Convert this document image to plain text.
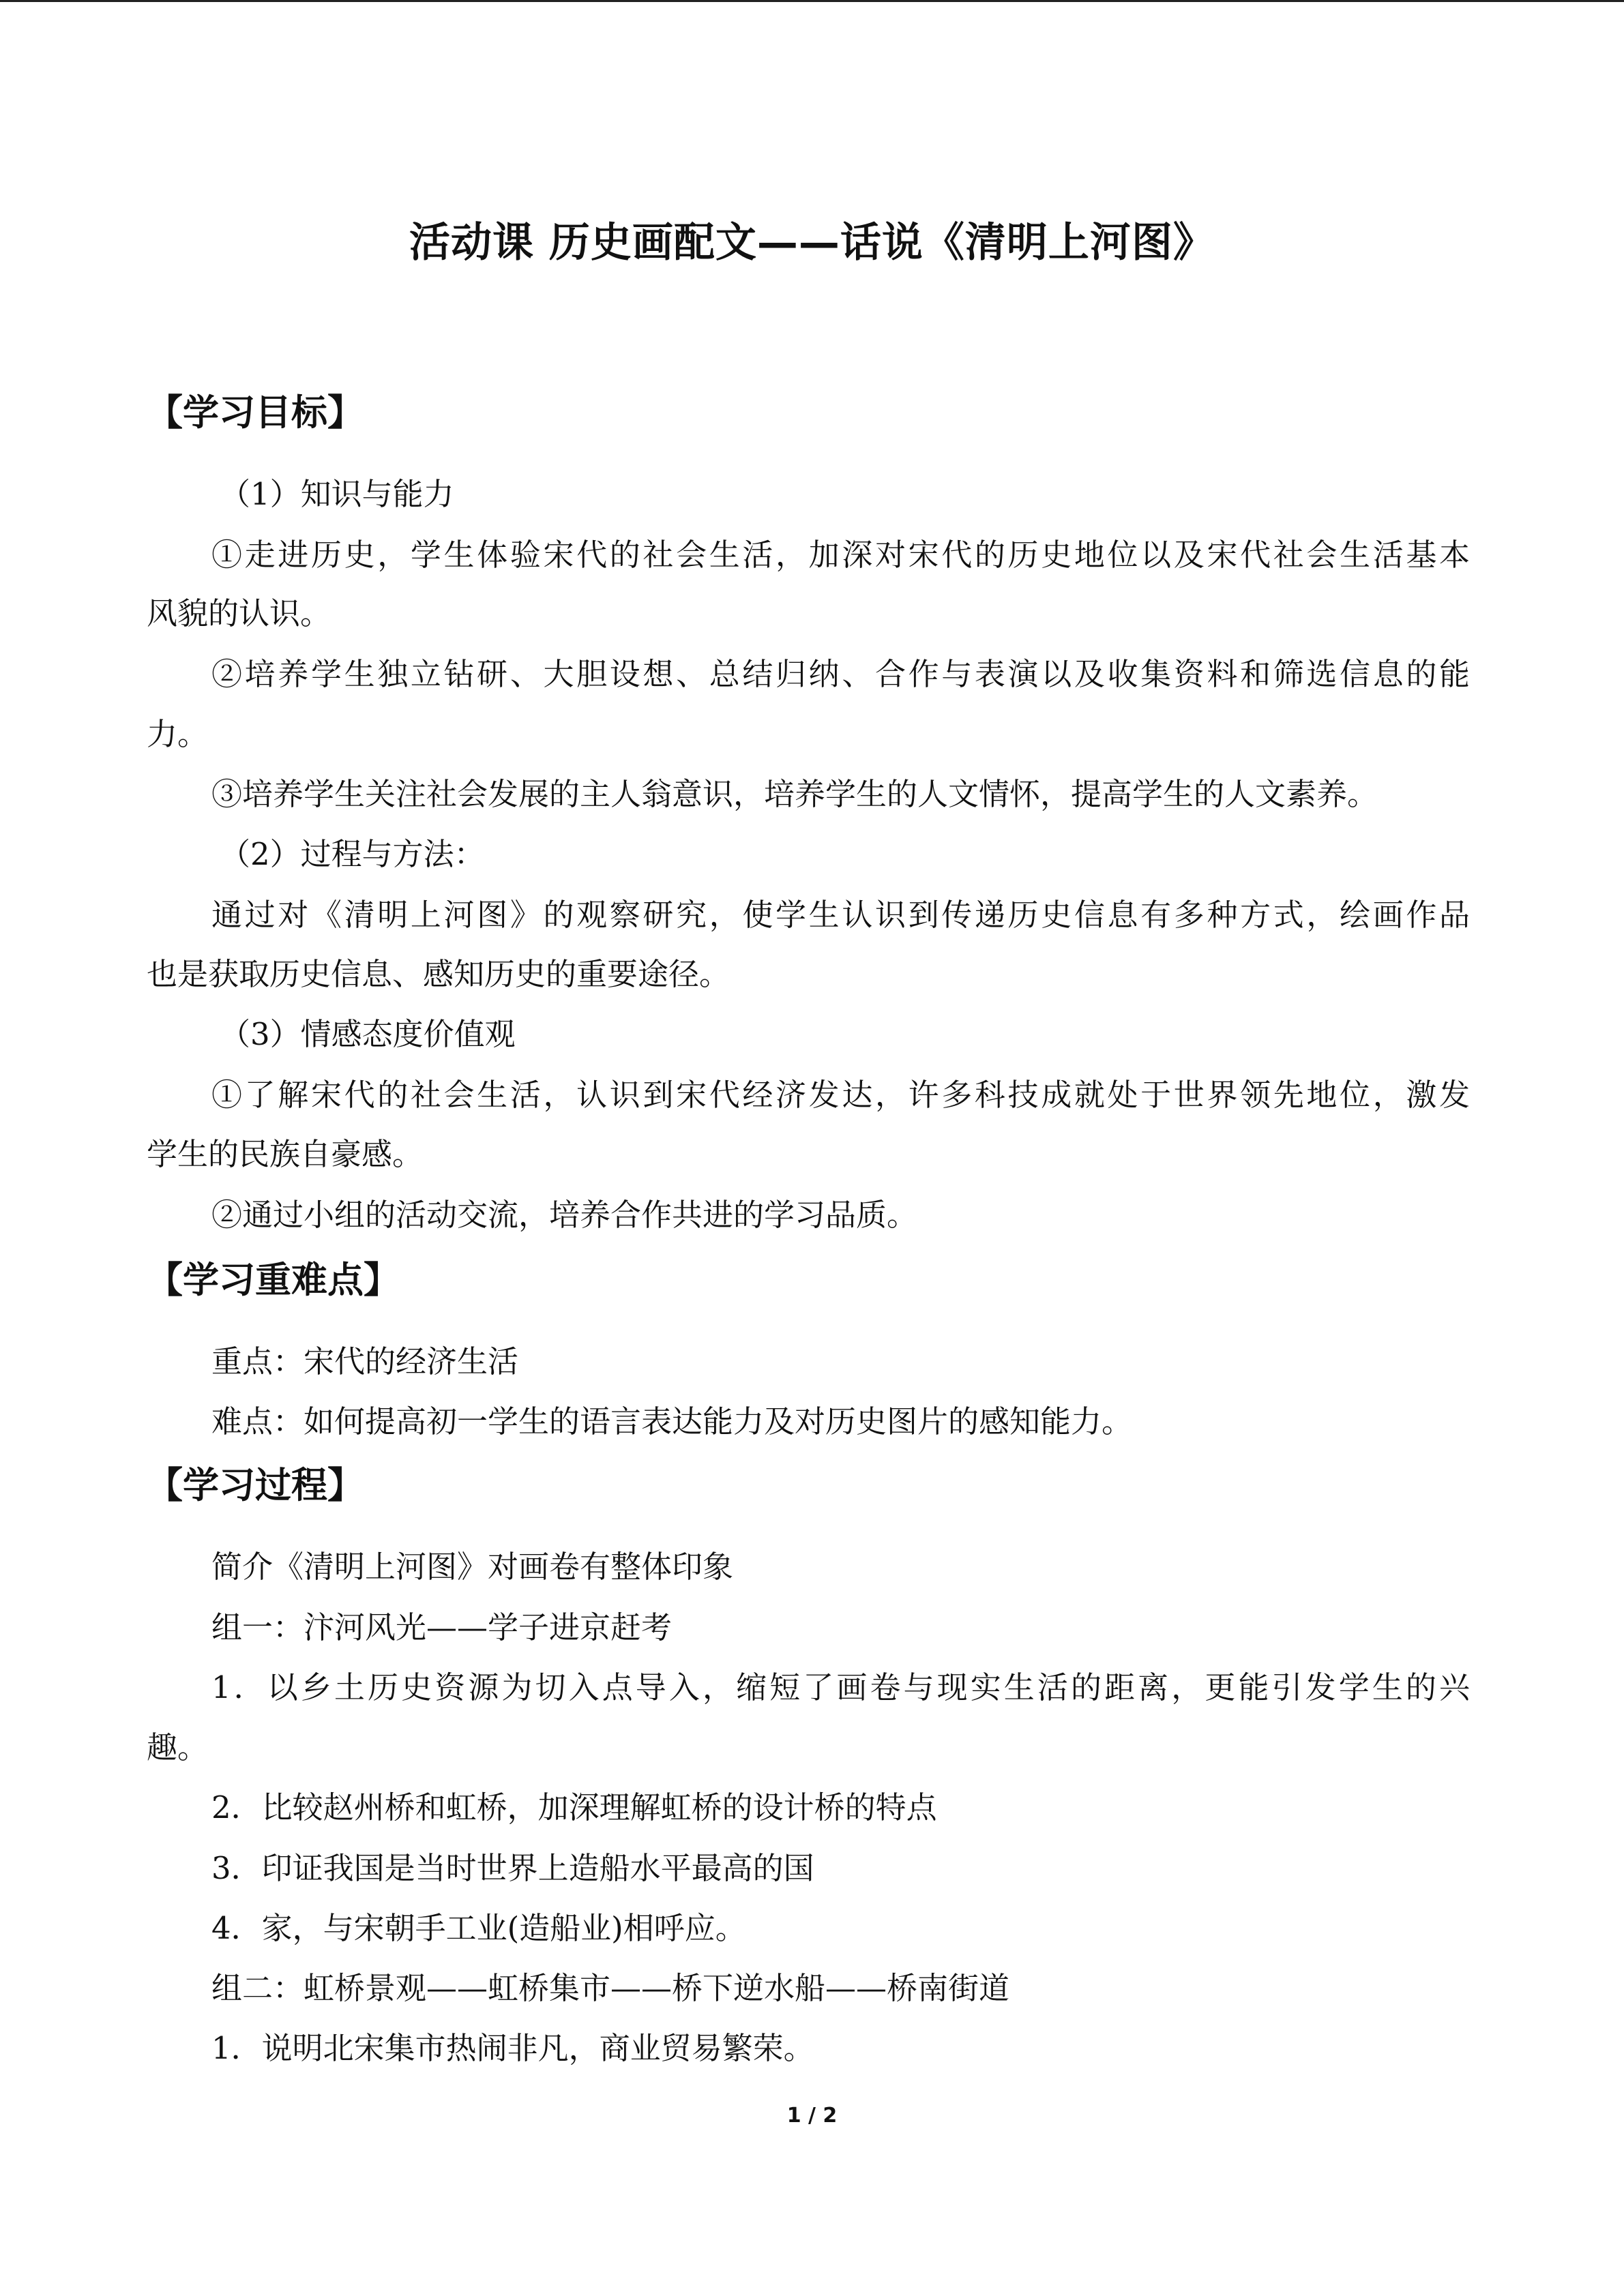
活动课 历史画配文——话说《清明上河图》
【学习目标】
（1）知识与能力
①走进历史，学生体验宋代的社会生活，加深对宋代的历史地位以及宋代社会生活基本
风貌的认识。
②培养学生独立钻研、大胆设想、总结归纳、合作与表演以及收集资料和筛选信息的能
力。
③培养学生关注社会发展的主人翁意识，培养学生的人文情怀，提高学生的人文素养。
（2）过程与方法：
通过对《清明上河图》的观察研究，使学生认识到传递历史信息有多种方式，绘画作品
也是获取历史信息、感知历史的重要途径。
（3）情感态度价值观
①了解宋代的社会生活，认识到宋代经济发达，许多科技成就处于世界领先地位，激发
学生的民族自豪感。
②通过小组的活动交流，培养合作共进的学习品质。
【学习重难点】
重点：宋代的经济生活
难点：如何提高初一学生的语言表达能力及对历史图片的感知能力。
【学习过程】
简介《清明上河图》对画卷有整体印象
组一：汴河风光——学子进京赶考
1．以乡土历史资源为切入点导入，缩短了画卷与现实生活的距离，更能引发学生的兴
趣。
2．比较赵州桥和虹桥，加深理解虹桥的设计桥的特点
3．印证我国是当时世界上造船水平最高的国
4．家，与宋朝手工业(造船业)相呼应。
组二：虹桥景观——虹桥集市——桥下逆水船——桥南街道
1．说明北宋集市热闹非凡，商业贸易繁荣。
1 / 2
